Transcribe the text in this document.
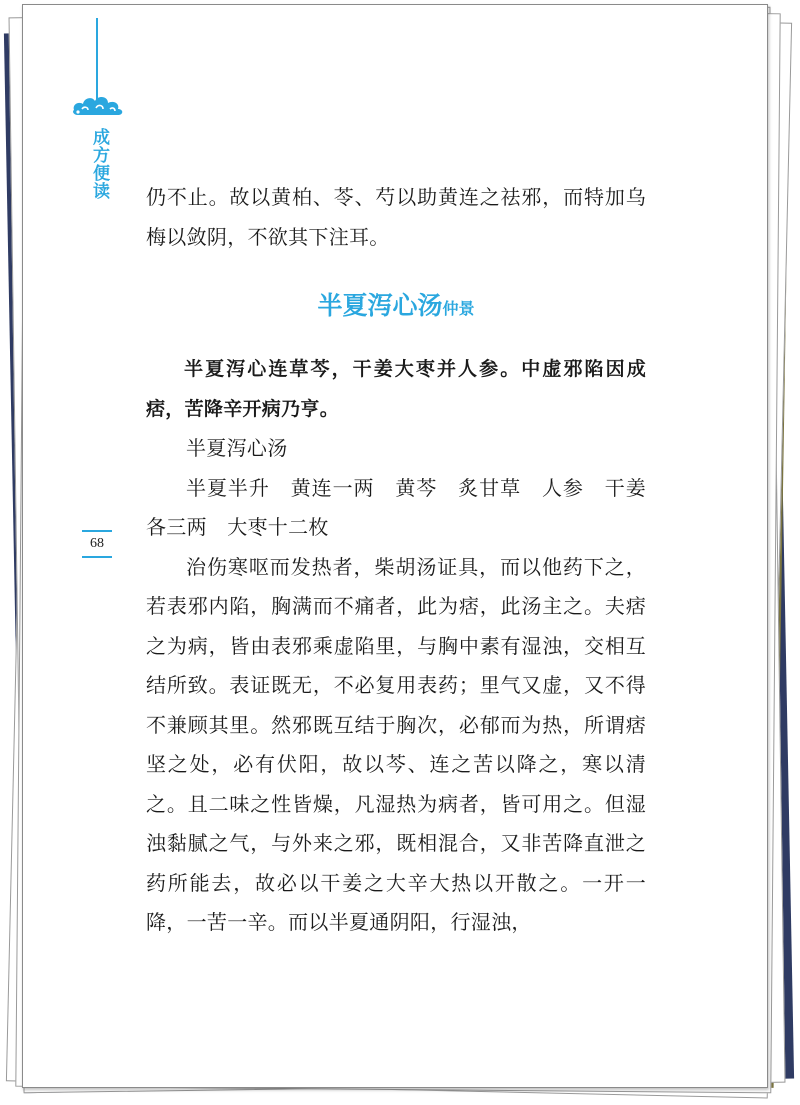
成方便读
68

仍不止。故以黄柏、苓、芍以助黄连之祛邪，而特加乌梅以敛阴，不欲其下注耳。

半夏泻心汤仲景

半夏泻心连草芩，干姜大枣并人参。中虚邪陷因成痞，苦降辛开病乃亨。

半夏泻心汤

半夏半升　黄连一两　黄芩　炙甘草　人参　干姜各三两　大枣十二枚

治伤寒呕而发热者，柴胡汤证具，而以他药下之，若表邪内陷，胸满而不痛者，此为痞，此汤主之。夫痞之为病，皆由表邪乘虚陷里，与胸中素有湿浊，交相互结所致。表证既无，不必复用表药；里气又虚，又不得不兼顾其里。然邪既互结于胸次，必郁而为热，所谓痞坚之处，必有伏阳，故以芩、连之苦以降之，寒以清之。且二味之性皆燥，凡湿热为病者，皆可用之。但湿浊黏腻之气，与外来之邪，既相混合，又非苦降直泄之药所能去，故必以干姜之大辛大热以开散之。一开一降，一苦一辛。而以半夏通阴阳，行湿浊，
